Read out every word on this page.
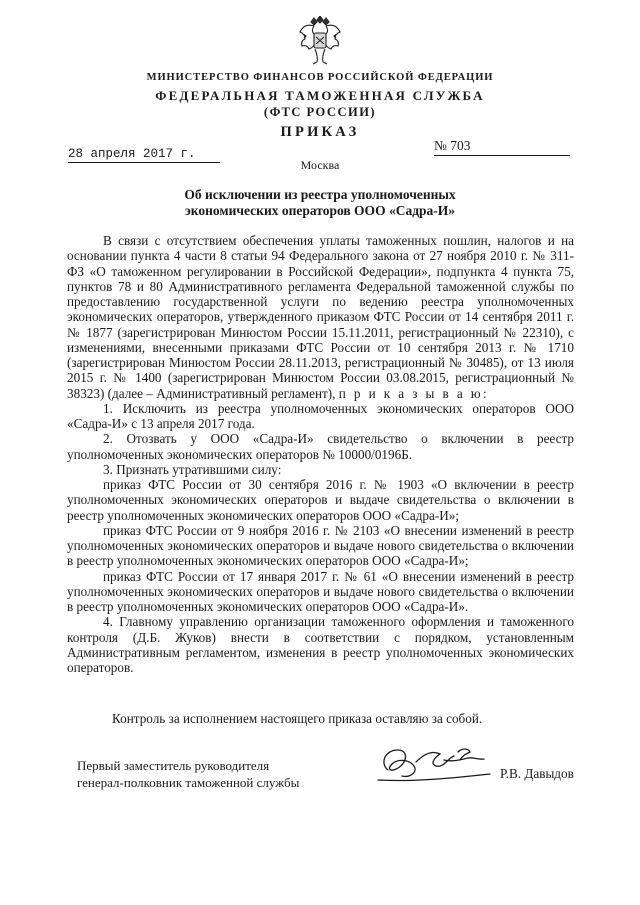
МИНИСТЕРСТВО ФИНАНСОВ РОССИЙСКОЙ ФЕДЕРАЦИИ
ФЕДЕРАЛЬНАЯ ТАМОЖЕННАЯ СЛУЖБА
(ФТС РОССИИ)
ПРИКАЗ
28 апреля 2017 г.
№ 703
Москва
Об исключении из реестра уполномоченных
экономических операторов ООО «Садра-И»

В связи с отсутствием обеспечения уплаты таможенных пошлин, налогов и на основании пункта 4 части 8 статьи 94 Федерального закона от 27 ноября 2010 г. № 311-ФЗ «О таможенном регулировании в Российской Федерации», подпункта 4 пункта 75, пунктов 78 и 80 Административного регламента Федеральной таможенной службы по предоставлению государственной услуги по ведению реестра уполномоченных экономических операторов, утвержденного приказом ФТС России от 14 сентября 2011 г. № 1877 (зарегистрирован Минюстом России 15.11.2011, регистрационный № 22310), с изменениями, внесенными приказами ФТС России от 10 сентября 2013 г. № 1710 (зарегистрирован Минюстом России 28.11.2013, регистрационный № 30485), от 13 июля 2015 г. № 1400 (зарегистрирован Минюстом России 03.08.2015, регистрационный № 38323) (далее – Административный регламент), п р и к а з ы в а ю:

1. Исключить из реестра уполномоченных экономических операторов ООО «Садра-И» с 13 апреля 2017 года.

2. Отозвать у ООО «Садра-И» свидетельство о включении в реестр уполномоченных экономических операторов № 10000/0196Б.

3. Признать утратившими силу:

приказ ФТС России от 30 сентября 2016 г. № 1903 «О включении в реестр уполномоченных экономических операторов и выдаче свидетельства о включении в реестр уполномоченных экономических операторов ООО «Садра-И»;

приказ ФТС России от 9 ноября 2016 г. № 2103 «О внесении изменений в реестр уполномоченных экономических операторов и выдаче нового свидетельства о включении в реестр уполномоченных экономических операторов ООО «Садра-И»;

приказ ФТС России от 17 января 2017 г. № 61 «О внесении изменений в реестр уполномоченных экономических операторов и выдаче нового свидетельства о включении в реестр уполномоченных экономических операторов ООО «Садра-И».

4. Главному управлению организации таможенного оформления и таможенного контроля (Д.Б. Жуков) внести в соответствии с порядком, установленным Административным регламентом, изменения в реестр уполномоченных экономических операторов.

Контроль за исполнением настоящего приказа оставляю за собой.
Первый заместитель руководителя
генерал-полковник таможенной службы
Р.В. Давыдов
